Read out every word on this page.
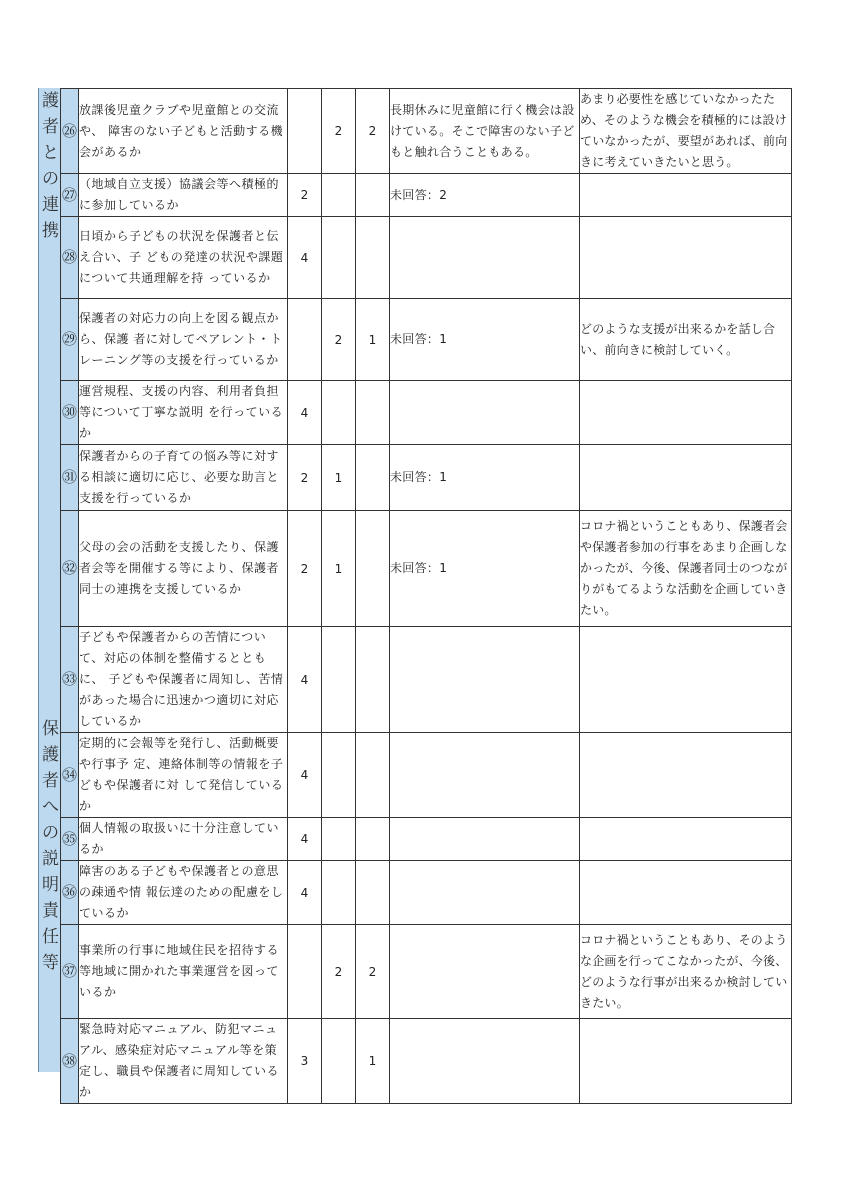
護者との連携
保護者への説明責任等
㉖	放課後児童クラブや児童館との交流や、 障害のない子どもと活動する機会があるか		2	2	長期休みに児童館に行く機会は設けている。そこで障害のない子どもと触れ合うこともある。	あまり必要性を感じていなかったため、そのような機会を積極的には設けていなかったが、要望があれば、前向きに考えていきたいと思う。
㉗	（地域自立支援）協議会等へ積極的に参加しているか	2			未回答：2	
㉘	日頃から子どもの状況を保護者と伝え合い、子 どもの発達の状況や課題について共通理解を持 っているか	4				
㉙	保護者の対応力の向上を図る観点から、保護 者に対してペアレント・トレーニング等の支援を行っているか		2	1	未回答：1	どのような支援が出来るかを話し合い、前向きに検討していく。
㉚	運営規程、支援の内容、利用者負担等について丁寧な説明 を行っているか	4				
㉛	保護者からの子育ての悩み等に対する相談に適切に応じ、必要な助言と支援を行っているか	2	1		未回答：1	
㉜	父母の会の活動を支援したり、保護者会等を開催する等により、保護者同士の連携を支援しているか	2	1		未回答：1	コロナ禍ということもあり、保護者会や保護者参加の行事をあまり企画しなかったが、今後、保護者同士のつながりがもてるような活動を企画していきたい。
㉝	子どもや保護者からの苦情について、対応の体制を整備するとともに、 子どもや保護者に周知し、苦情があった場合に迅速かつ適切に対応しているか	4				
㉞	定期的に会報等を発行し、活動概要や行事予 定、連絡体制等の情報を子どもや保護者に対 して発信しているか	4				
㉟	個人情報の取扱いに十分注意しているか	4				
㊱	障害のある子どもや保護者との意思の疎通や情 報伝達のための配慮をしているか	4				
㊲	事業所の行事に地域住民を招待する等地域に開かれた事業運営を図っているか		2	2		コロナ禍ということもあり、そのような企画を行ってこなかったが、今後、どのような行事が出来るか検討していきたい。
㊳	緊急時対応マニュアル、防犯マニュアル、感染症対応マニュアル等を策定し、職員や保護者に周知しているか	3		1		
